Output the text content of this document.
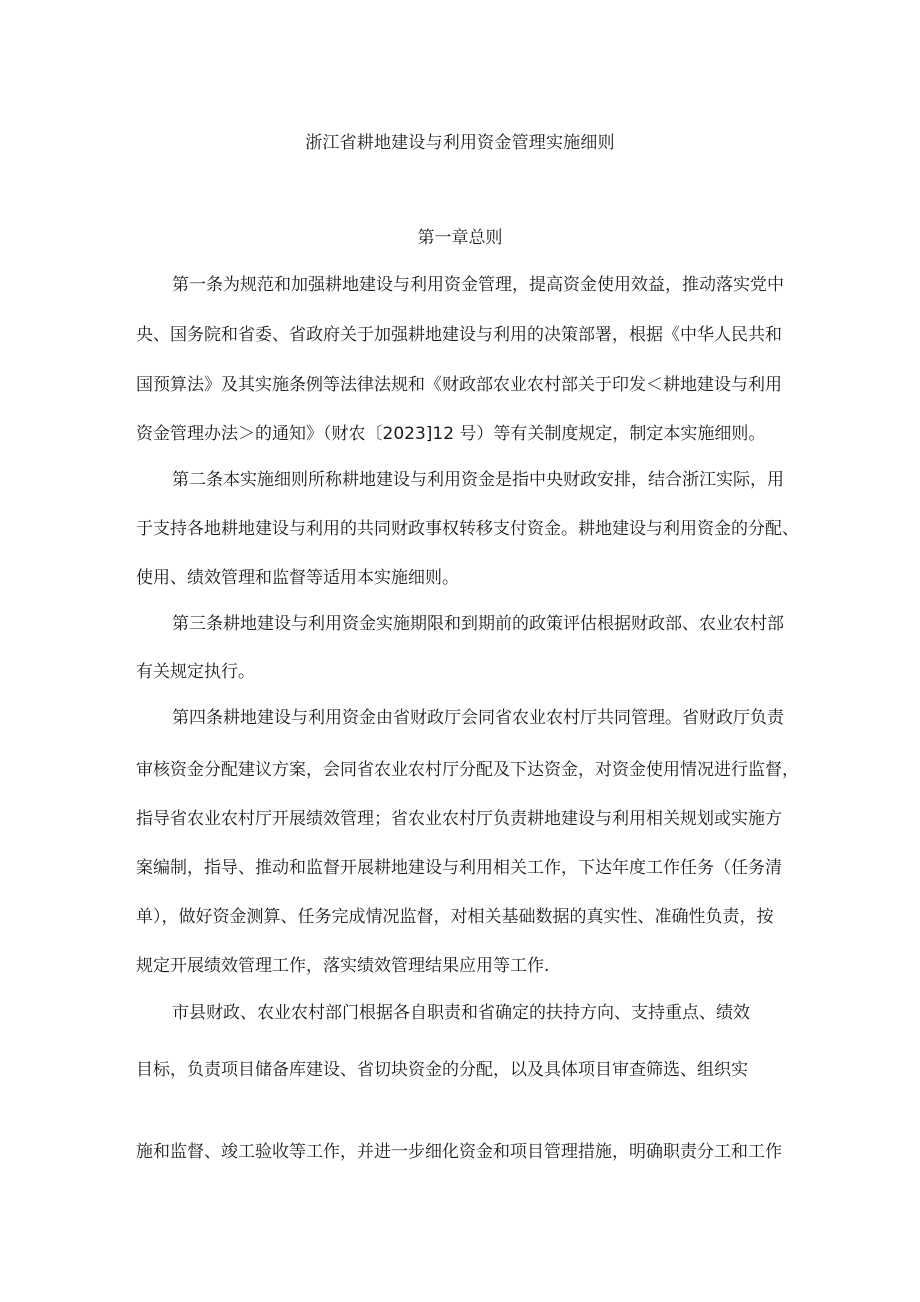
浙江省耕地建设与利用资金管理实施细则
第一章总则
第一条为规范和加强耕地建设与利用资金管理，提高资金使用效益，推动落实党中
央、国务院和省委、省政府关于加强耕地建设与利用的决策部署，根据《中华人民共和
国预算法》及其实施条例等法律法规和《财政部农业农村部关于印发＜耕地建设与利用
资金管理办法＞的通知》（财农〔2023]12 号）等有关制度规定，制定本实施细则。
第二条本实施细则所称耕地建设与利用资金是指中央财政安排，结合浙江实际，用
于支持各地耕地建设与利用的共同财政事权转移支付资金。耕地建设与利用资金的分配、
使用、绩效管理和监督等适用本实施细则。
第三条耕地建设与利用资金实施期限和到期前的政策评估根据财政部、农业农村部
有关规定执行。
第四条耕地建设与利用资金由省财政厅会同省农业农村厅共同管理。省财政厅负责
审核资金分配建议方案，会同省农业农村厅分配及下达资金，对资金使用情况进行监督，
指导省农业农村厅开展绩效管理；省农业农村厅负责耕地建设与利用相关规划或实施方
案编制，指导、推动和监督开展耕地建设与利用相关工作，下达年度工作任务（任务清
单），做好资金测算、任务完成情况监督，对相关基础数据的真实性、准确性负责，按
规定开展绩效管理工作，落实绩效管理结果应用等工作.
市县财政、农业农村部门根据各自职责和省确定的扶持方向、支持重点、绩效
目标，负责项目储备库建设、省切块资金的分配，以及具体项目审查筛选、组织实
施和监督、竣工验收等工作，并进一步细化资金和项目管理措施，明确职责分工和工作
